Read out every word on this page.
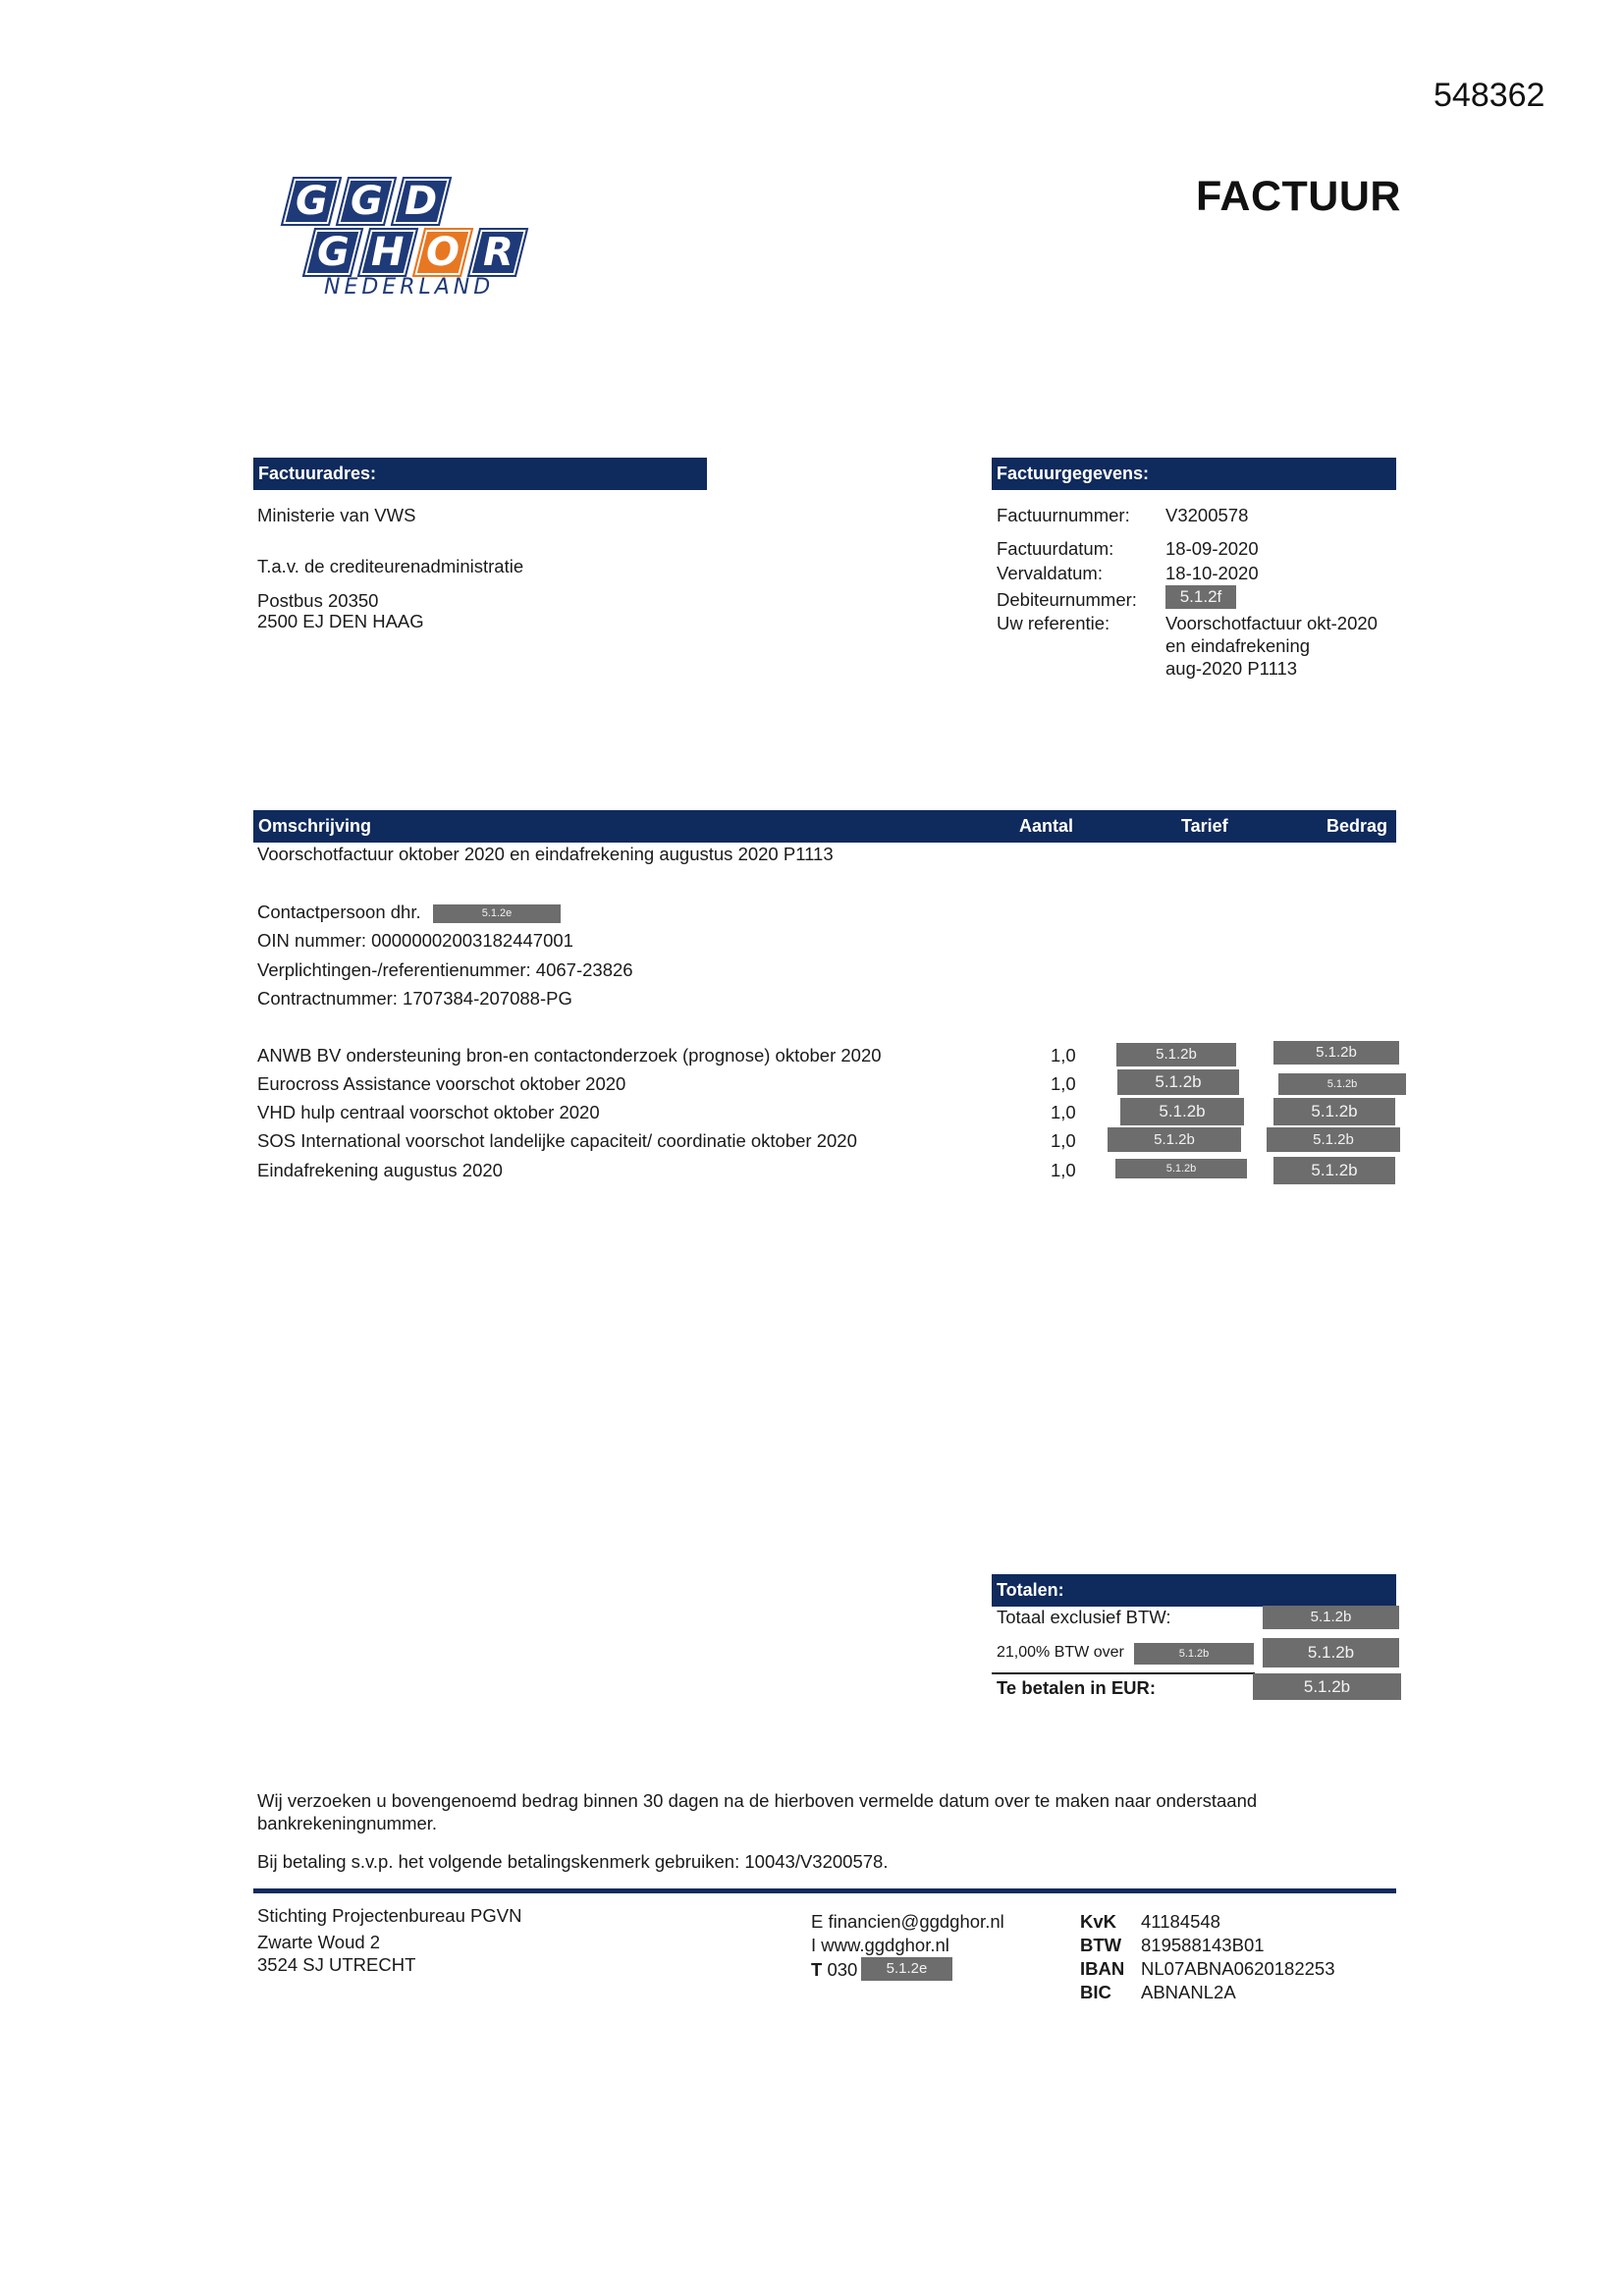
548362
FACTUUR
G G D
G H O R
NEDERLAND
Factuuradres:
Ministerie van VWS
T.a.v. de crediteurenadministratie
Postbus 20350
2500 EJ DEN HAAG
Factuurgegevens:
Factuurnummer: V3200578
Factuurdatum:	18-09-2020
Vervaldatum:	18-10-2020
Debiteurnummer:	5.1.2f
Uw referentie:	Voorschotfactuur okt-2020
en eindafrekening
aug-2020 P1113
Omschrijving	Aantal	Tarief	Bedrag
Voorschotfactuur oktober 2020 en eindafrekening augustus 2020 P1113
Contactpersoon dhr.	5.1.2e
OIN nummer: 00000002003182447001
Verplichtingen-/referentienummer: 4067-23826
Contractnummer: 1707384-207088-PG
ANWB BV ondersteuning bron-en contactonderzoek (prognose) oktober 2020	1,0	5.1.2b	5.1.2b
Eurocross Assistance voorschot oktober 2020	1,0	5.1.2b	5.1.2b
VHD hulp centraal voorschot oktober 2020	1,0	5.1.2b	5.1.2b
SOS International voorschot landelijke capaciteit/ coordinatie oktober 2020	1,0	5.1.2b	5.1.2b
Eindafrekening augustus 2020	1,0	5.1.2b	5.1.2b
Totalen:
Totaal exclusief BTW:	5.1.2b
21,00% BTW over	5.1.2b	5.1.2b
Te betalen in EUR:	5.1.2b
Wij verzoeken u bovengenoemd bedrag binnen 30 dagen na de hierboven vermelde datum over te maken naar onderstaand
bankrekeningnummer.
Bij betaling s.v.p. het volgende betalingskenmerk gebruiken: 10043/V3200578.
Stichting Projectenbureau PGVN
Zwarte Woud 2
3524 SJ UTRECHT
E financien@ggdghor.nl
I www.ggdghor.nl
T 030	5.1.2e
KvK 41184548
BTW 819588143B01
IBAN NL07ABNA0620182253
BIC ABNANL2A
